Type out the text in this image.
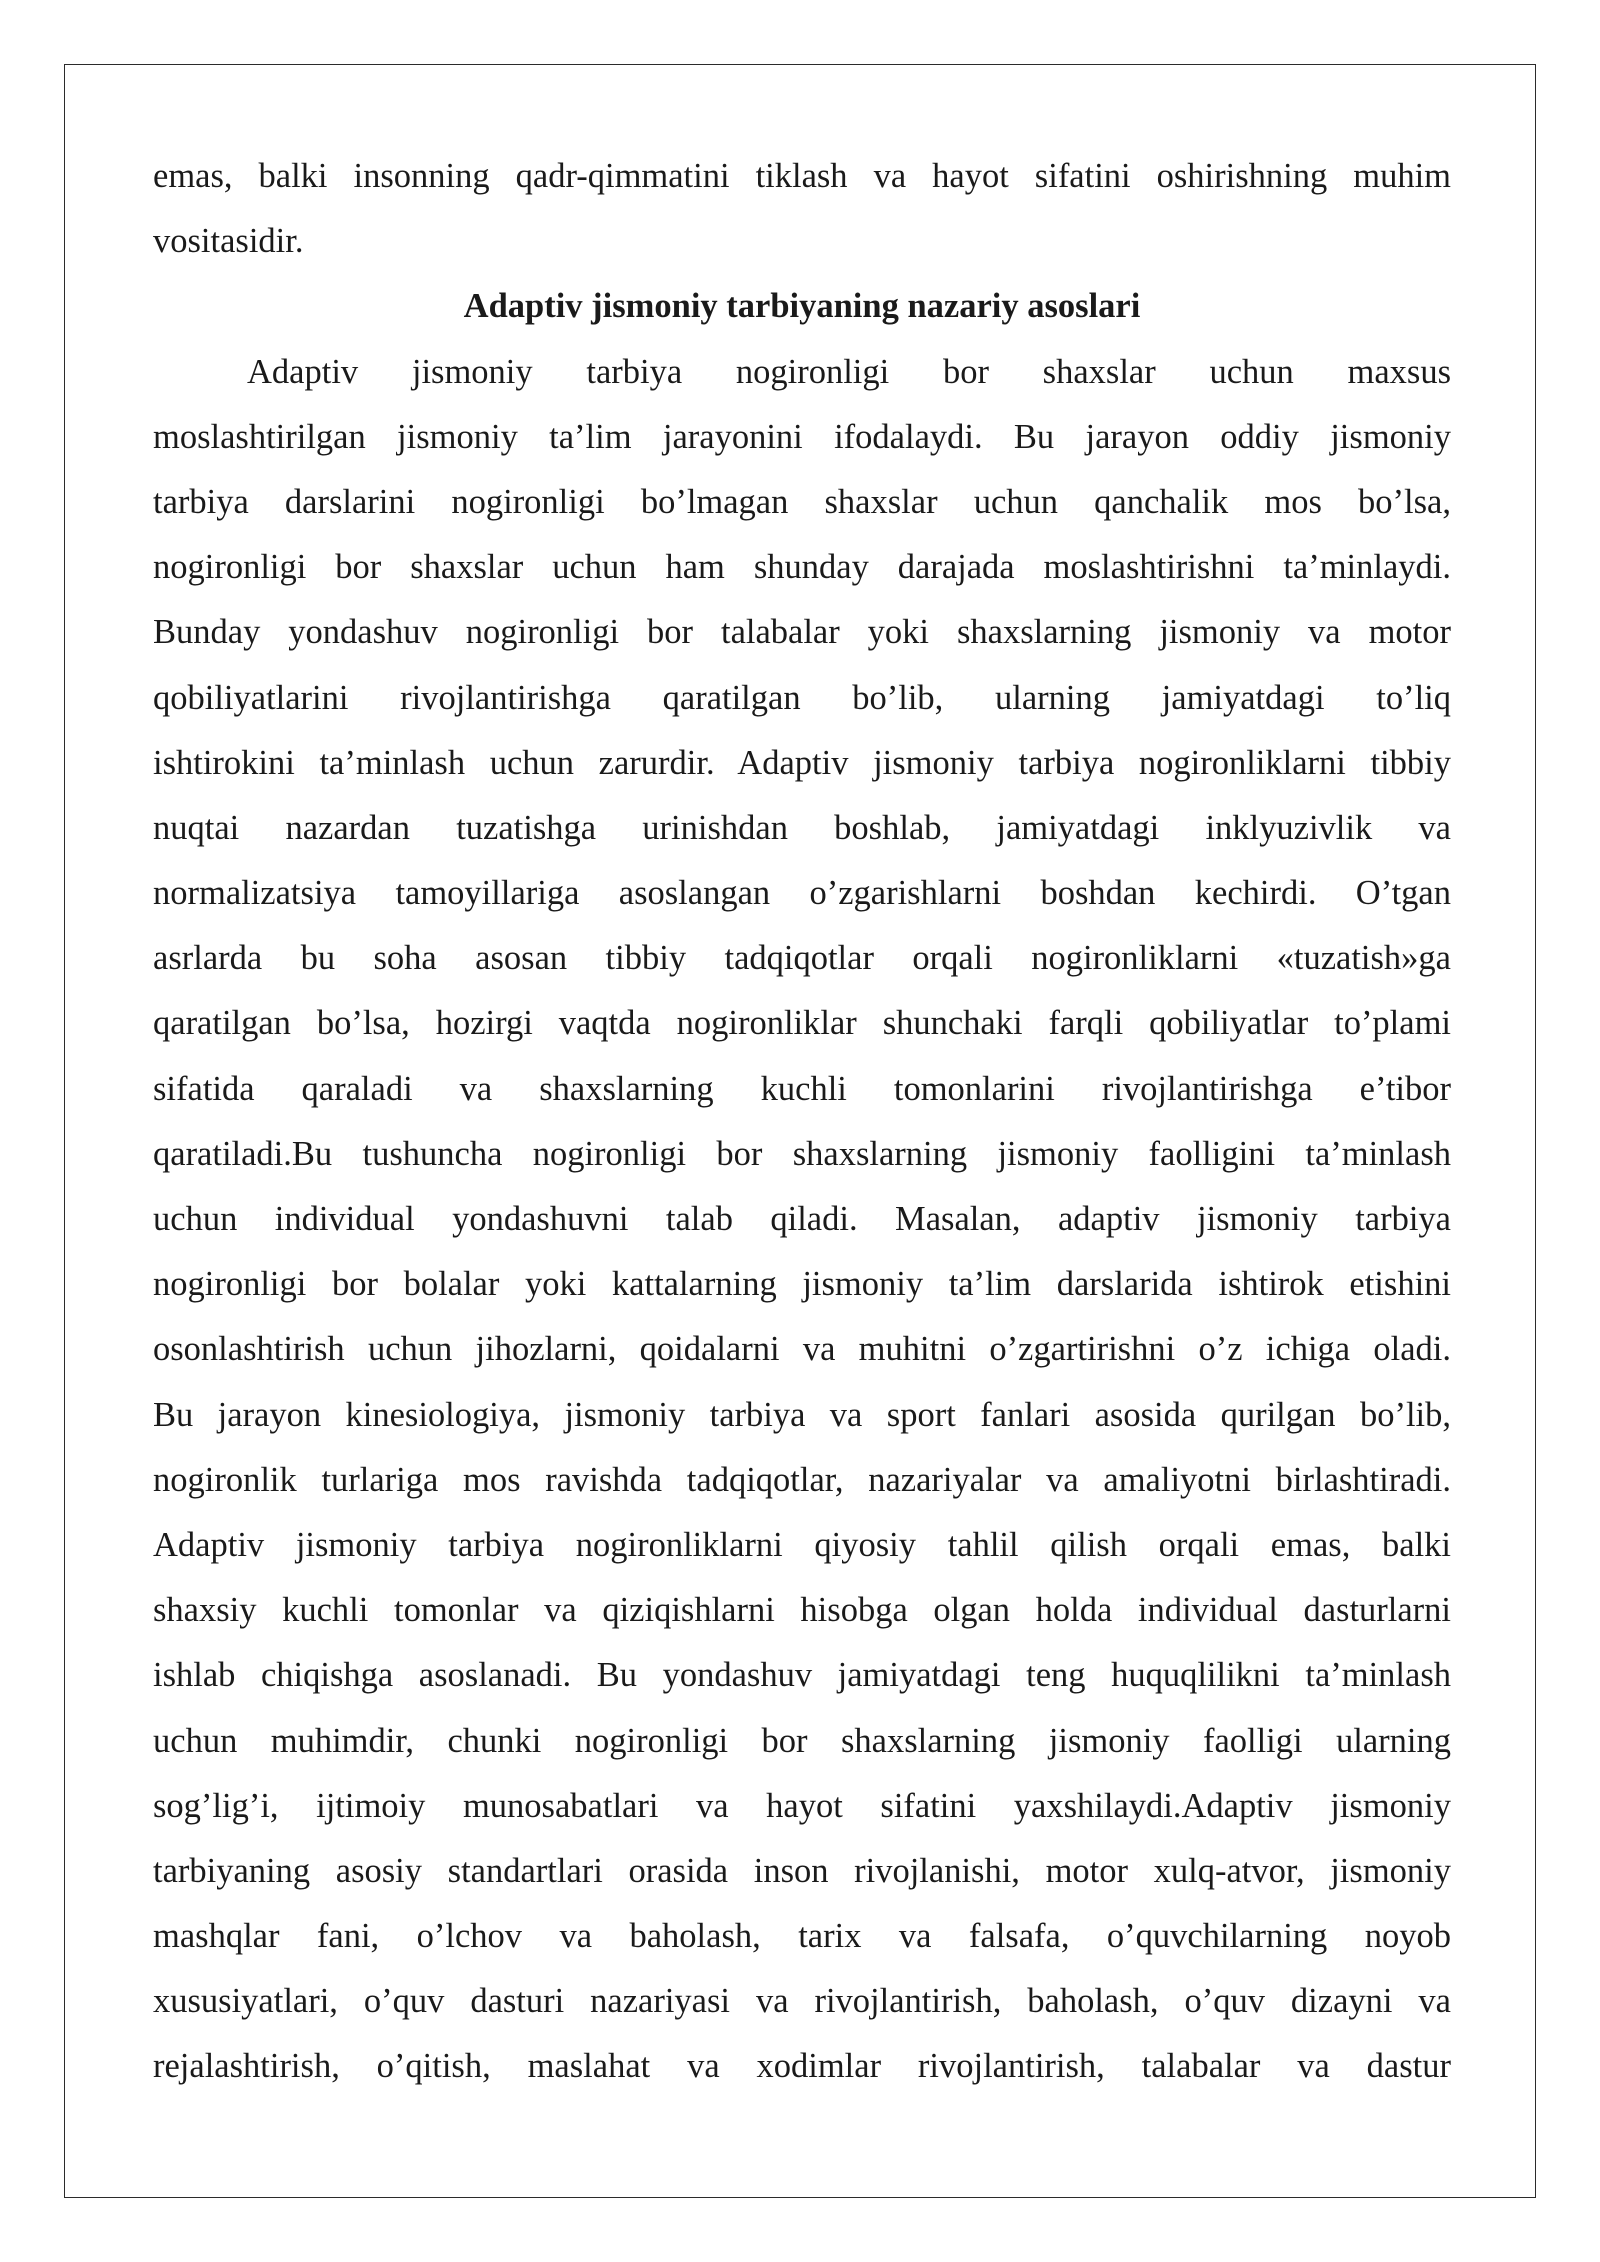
emas, balki insonning qadr-qimmatini tiklash va hayot sifatini oshirishning muhim
vositasidir.
Adaptiv jismoniy tarbiyaning nazariy asoslari
Adaptiv jismoniy tarbiya nogironligi bor shaxslar uchun maxsus
moslashtirilgan jismoniy ta’lim jarayonini ifodalaydi. Bu jarayon oddiy jismoniy
tarbiya darslarini nogironligi bo’lmagan shaxslar uchun qanchalik mos bo’lsa,
nogironligi bor shaxslar uchun ham shunday darajada moslashtirishni ta’minlaydi.
Bunday yondashuv nogironligi bor talabalar yoki shaxslarning jismoniy va motor
qobiliyatlarini rivojlantirishga qaratilgan bo’lib, ularning jamiyatdagi to’liq
ishtirokini ta’minlash uchun zarurdir. Adaptiv jismoniy tarbiya nogironliklarni tibbiy
nuqtai nazardan tuzatishga urinishdan boshlab, jamiyatdagi inklyuzivlik va
normalizatsiya tamoyillariga asoslangan o’zgarishlarni boshdan kechirdi. O’tgan
asrlarda bu soha asosan tibbiy tadqiqotlar orqali nogironliklarni «tuzatish»ga
qaratilgan bo’lsa, hozirgi vaqtda nogironliklar shunchaki farqli qobiliyatlar to’plami
sifatida qaraladi va shaxslarning kuchli tomonlarini rivojlantirishga e’tibor
qaratiladi.Bu tushuncha nogironligi bor shaxslarning jismoniy faolligini ta’minlash
uchun individual yondashuvni talab qiladi. Masalan, adaptiv jismoniy tarbiya
nogironligi bor bolalar yoki kattalarning jismoniy ta’lim darslarida ishtirok etishini
osonlashtirish uchun jihozlarni, qoidalarni va muhitni o’zgartirishni o’z ichiga oladi.
Bu jarayon kinesiologiya, jismoniy tarbiya va sport fanlari asosida qurilgan bo’lib,
nogironlik turlariga mos ravishda tadqiqotlar, nazariyalar va amaliyotni birlashtiradi.
Adaptiv jismoniy tarbiya nogironliklarni qiyosiy tahlil qilish orqali emas, balki
shaxsiy kuchli tomonlar va qiziqishlarni hisobga olgan holda individual dasturlarni
ishlab chiqishga asoslanadi. Bu yondashuv jamiyatdagi teng huquqlilikni ta’minlash
uchun muhimdir, chunki nogironligi bor shaxslarning jismoniy faolligi ularning
sog’lig’i, ijtimoiy munosabatlari va hayot sifatini yaxshilaydi.Adaptiv jismoniy
tarbiyaning asosiy standartlari orasida inson rivojlanishi, motor xulq-atvor, jismoniy
mashqlar fani, o’lchov va baholash, tarix va falsafa, o’quvchilarning noyob
xususiyatlari, o’quv dasturi nazariyasi va rivojlantirish, baholash, o’quv dizayni va
rejalashtirish, o’qitish, maslahat va xodimlar rivojlantirish, talabalar va dastur
